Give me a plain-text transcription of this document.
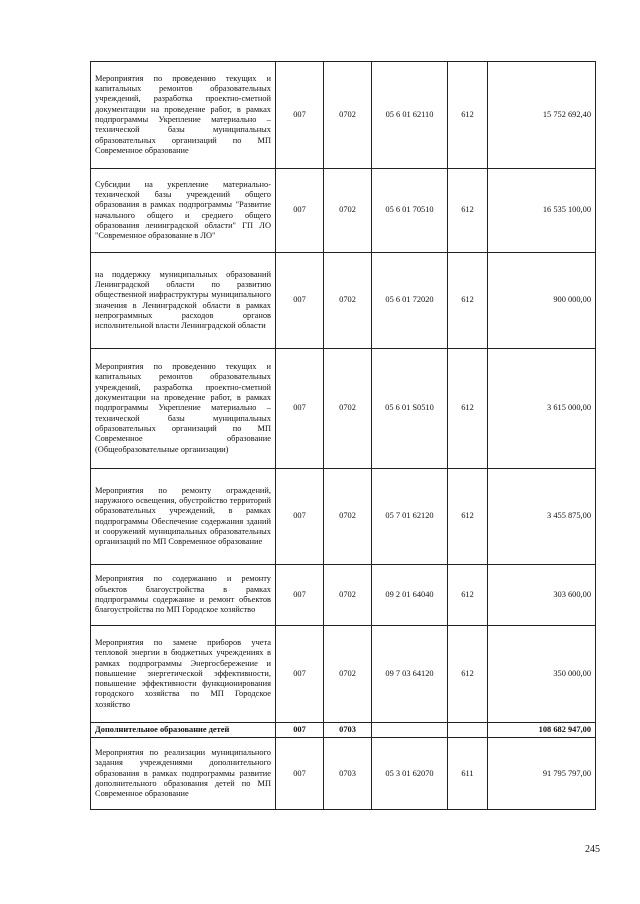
Мероприятия по проведению текущих и капитальных ремонтов образовательных учреждений, разработка проектно-сметной документации на проведение работ, в рамках подпрограммы Укрепление материально – технической базы муниципальных образовательных организаций по МП Современное образование	007	0702	05 6 01 62110	612	15 752 692,40
Субсидии на укрепление материально-технической базы учреждений общего образования в рамках подпрограммы "Развитие начального общего и среднего общего образования ленинградской области" ГП ЛО "Современное образование в ЛО"	007	0702	05 6 01 70510	612	16 535 100,00
на поддержку муниципальных образований Ленинградской области по развитию общественной инфраструктуры муниципального значения в Ленинградской области в рамках непрограммных расходов органов исполнительной власти Ленинградской области	007	0702	05 6 01 72020	612	900 000,00
Мероприятия по проведению текущих и капитальных ремонтов образовательных учреждений, разработка проектно-сметной документации на проведение работ, в рамках подпрограммы Укрепление материально – технической базы муниципальных образовательных организаций по МП Современное образование (Общеобразовательные организации)	007	0702	05 6 01 S0510	612	3 615 000,00
Мероприятия по ремонту ограждений, наружного освещения, обустройство территорий образовательных учреждений, в рамках подпрограммы Обеспечение содержания зданий и сооружений муниципальных образовательных организаций по МП Современное образование	007	0702	05 7 01 62120	612	3 455 875,00
Мероприятия по содержанию и ремонту объектов благоустройства в рамках подпрограммы содержание и ремонт объектов благоустройства по МП Городское хозяйство	007	0702	09 2 01 64040	612	303 600,00
Мероприятия по замене приборов учета тепловой энергии в бюджетных учреждениях в рамках подпрограммы Энергосбережение и повышение энергетической эффективности, повышение эффективности функционирования городского хозяйства по МП Городское хозяйство	007	0702	09 7 03 64120	612	350 000,00
Дополнительное образование детей	007	0703			108 682 947,00
Мероприятия по реализации муниципального задания учреждениями дополнительного образования в рамках подпрограммы развитие дополнительного образования детей по МП Современное образование	007	0703	05 3 01 62070	611	91 795 797,00
245
